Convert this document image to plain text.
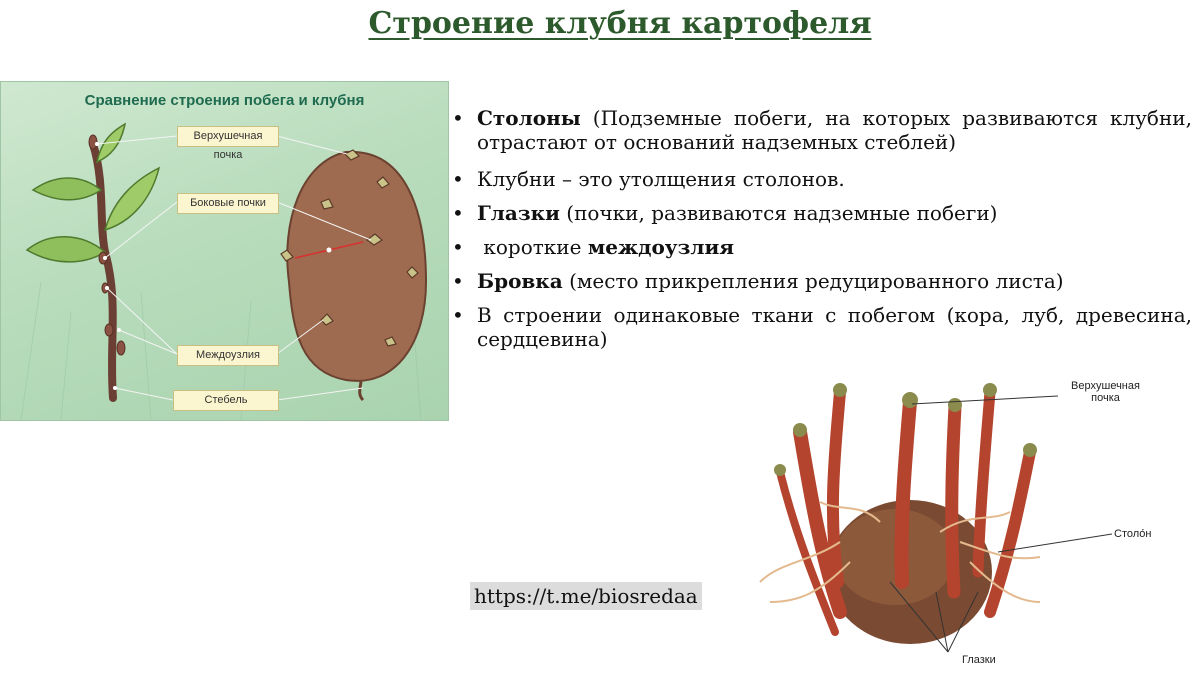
Строение клубня картофеля
Сравнение строения побега и клубня
Верхушечная почка
Боковые почки
Междоузлия
Стебель
• Столоны (Подземные побеги, на которых развиваются клубни, отрастают от оснований надземных стеблей)
• Клубни – это утолщения столонов.
• Глазки (почки, развиваются надземные побеги)
•  короткие междоузлия
• Бровка (место прикрепления редуцированного листа)
• В строении одинаковые ткани с побегом (кора, луб, древесина, сердцевина)
https://t.me/biosredaa
Верхушечная
почка
Столо́н
Глазки
